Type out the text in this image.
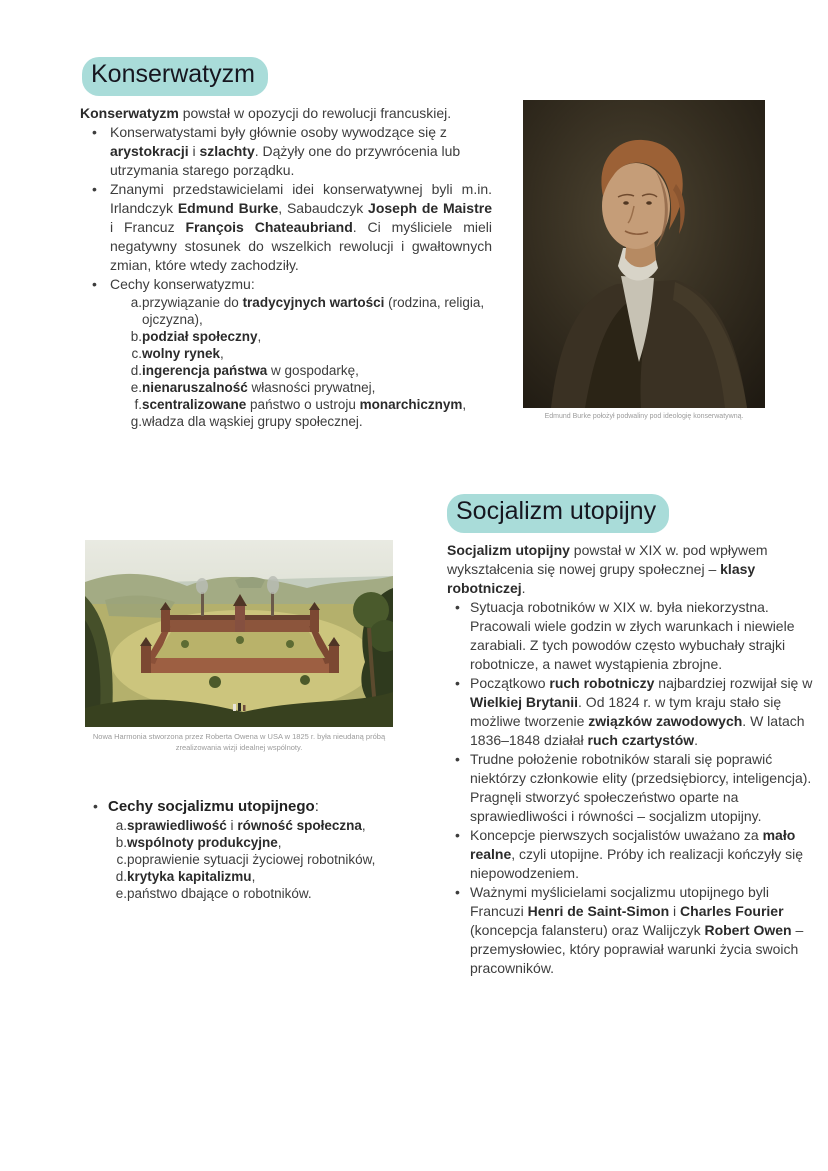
Konserwatyzm

Konserwatyzm powstał w opozycji do rewolucji francuskiej.

• Konserwatystami były głównie osoby wywodzące się z arystokracji i szlachty. Dążyły one do przywrócenia lub utrzymania starego porządku.
• Znanymi przedstawicielami idei konserwatywnej byli m.in. Irlandczyk Edmund Burke, Sabaudczyk Joseph de Maistre i Francuz François Chateaubriand. Ci myśliciele mieli negatywny stosunek do wszelkich rewolucji i gwałtownych zmian, które wtedy zachodziły.
• Cechy konserwatyzmu:
a. przywiązanie do tradycyjnych wartości (rodzina, religia, ojczyzna),
b. podział społeczny,
c. wolny rynek,
d. ingerencja państwa w gospodarkę,
e. nienaruszalność własności prywatnej,
f. scentralizowane państwo o ustroju monarchicznym,
g. władza dla wąskiej grupy społecznej.	Edmund Burke położył podwaliny pod ideologię konserwatywną.
Socjalizm utopijny

Socjalizm utopijny powstał w XIX w. pod wpływem wykształcenia się nowej grupy społecznej – klasy robotniczej.

• Sytuacja robotników w XIX w. była niekorzystna. Pracowali wiele godzin w złych warunkach i niewiele zarabiali. Z tych powodów często wybuchały strajki robotnicze, a nawet wystąpienia zbrojne.
• Początkowo ruch robotniczy najbardziej rozwijał się w Wielkiej Brytanii. Od 1824 r. w tym kraju stało się możliwe tworzenie związków zawodowych. W latach 1836–1848 działał ruch czartystów.
• Trudne położenie robotników starali się poprawić niektórzy członkowie elity (przedsiębiorcy, inteligencja). Pragnęli stworzyć społeczeństwo oparte na sprawiedliwości i równości – socjalizm utopijny.
• Koncepcje pierwszych socjalistów uważano za mało realne, czyli utopijne. Próby ich realizacji kończyły się niepowodzeniem.
• Ważnymi myślicielami socjalizmu utopijnego byli Francuzi Henri de Saint-Simon i Charles Fourier (koncepcja falansteru) oraz Walijczyk Robert Owen – przemysłowiec, który poprawiał warunki życia swoich pracowników.
Nowa Harmonia stworzona przez Roberta Owena w USA w 1825 r. była nieudaną próbą zrealizowania wizji idealnej wspólnoty.
• Cechy socjalizmu utopijnego:
a. sprawiedliwość i równość społeczna,
b. wspólnoty produkcyjne,
c. poprawienie sytuacji życiowej robotników,
d. krytyka kapitalizmu,
e. państwo dbające o robotników.
